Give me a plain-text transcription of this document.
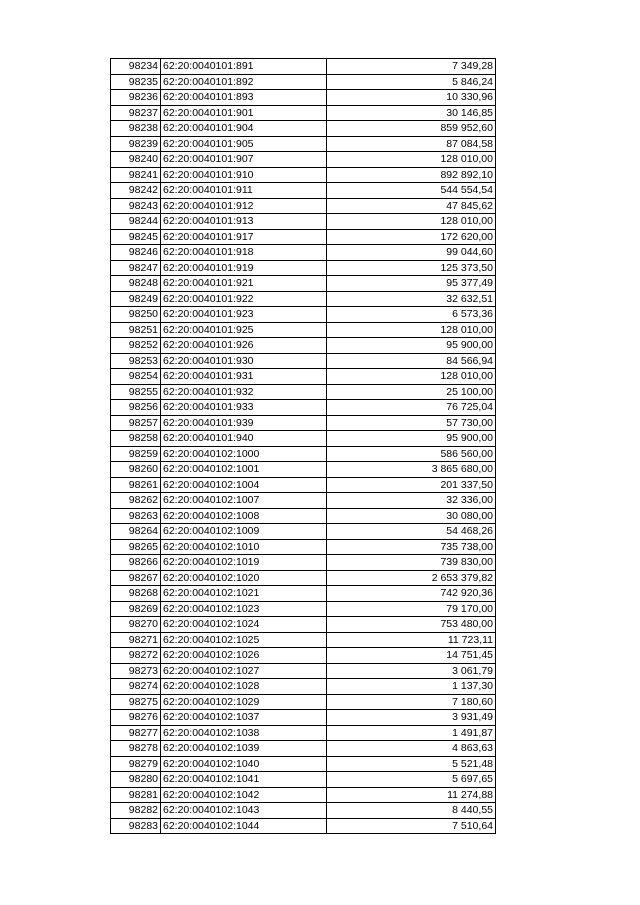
98234	62:20:0040101:891	7 349,28
98235	62:20:0040101:892	5 846,24
98236	62:20:0040101:893	10 330,96
98237	62:20:0040101:901	30 146,85
98238	62:20:0040101:904	859 952,60
98239	62:20:0040101:905	87 084,58
98240	62:20:0040101:907	128 010,00
98241	62:20:0040101:910	892 892,10
98242	62:20:0040101:911	544 554,54
98243	62:20:0040101:912	47 845,62
98244	62:20:0040101:913	128 010,00
98245	62:20:0040101:917	172 620,00
98246	62:20:0040101:918	99 044,60
98247	62:20:0040101:919	125 373,50
98248	62:20:0040101:921	95 377,49
98249	62:20:0040101:922	32 632,51
98250	62:20:0040101:923	6 573,36
98251	62:20:0040101:925	128 010,00
98252	62:20:0040101:926	95 900,00
98253	62:20:0040101:930	84 566,94
98254	62:20:0040101:931	128 010,00
98255	62:20:0040101:932	25 100,00
98256	62:20:0040101:933	76 725,04
98257	62:20:0040101:939	57 730,00
98258	62:20:0040101:940	95 900,00
98259	62:20:0040102:1000	586 560,00
98260	62:20:0040102:1001	3 865 680,00
98261	62:20:0040102:1004	201 337,50
98262	62:20:0040102:1007	32 336,00
98263	62:20:0040102:1008	30 080,00
98264	62:20:0040102:1009	54 468,26
98265	62:20:0040102:1010	735 738,00
98266	62:20:0040102:1019	739 830,00
98267	62:20:0040102:1020	2 653 379,82
98268	62:20:0040102:1021	742 920,36
98269	62:20:0040102:1023	79 170,00
98270	62:20:0040102:1024	753 480,00
98271	62:20:0040102:1025	11 723,11
98272	62:20:0040102:1026	14 751,45
98273	62:20:0040102:1027	3 061,79
98274	62:20:0040102:1028	1 137,30
98275	62:20:0040102:1029	7 180,60
98276	62:20:0040102:1037	3 931,49
98277	62:20:0040102:1038	1 491,87
98278	62:20:0040102:1039	4 863,63
98279	62:20:0040102:1040	5 521,48
98280	62:20:0040102:1041	5 697,65
98281	62:20:0040102:1042	11 274,88
98282	62:20:0040102:1043	8 440,55
98283	62:20:0040102:1044	7 510,64
